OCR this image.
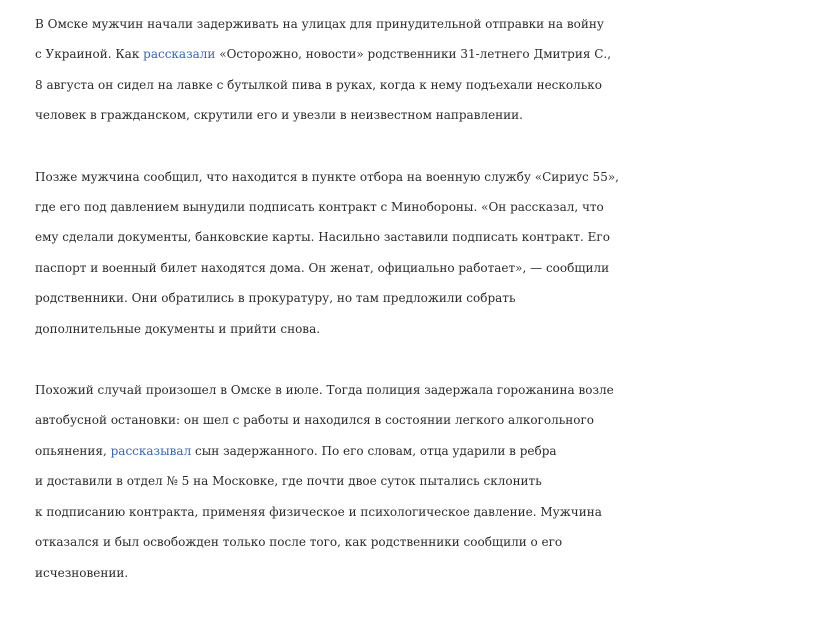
В Омске мужчин начали задерживать на улицах для принудительной отправки на войну
с Украиной. Как рассказали «Осторожно, новости» родственники 31-летнего Дмитрия С.,
8 августа он сидел на лавке с бутылкой пива в руках, когда к нему подъехали несколько
человек в гражданском, скрутили его и увезли в неизвестном направлении.

Позже мужчина сообщил, что находится в пункте отбора на военную службу «Сириус 55»,
где его под давлением вынудили подписать контракт с Минобороны. «Он рассказал, что
ему сделали документы, банковские карты. Насильно заставили подписать контракт. Его
паспорт и военный билет находятся дома. Он женат, официально работает», — сообщили
родственники. Они обратились в прокуратуру, но там предложили собрать
дополнительные документы и прийти снова.

Похожий случай произошел в Омске в июле. Тогда полиция задержала горожанина возле
автобусной остановки: он шел с работы и находился в состоянии легкого алкогольного
опьянения, рассказывал сын задержанного. По его словам, отца ударили в ребра
и доставили в отдел № 5 на Московке, где почти двое суток пытались склонить
к подписанию контракта, применяя физическое и психологическое давление. Мужчина
отказался и был освобожден только после того, как родственники сообщили о его
исчезновении.
